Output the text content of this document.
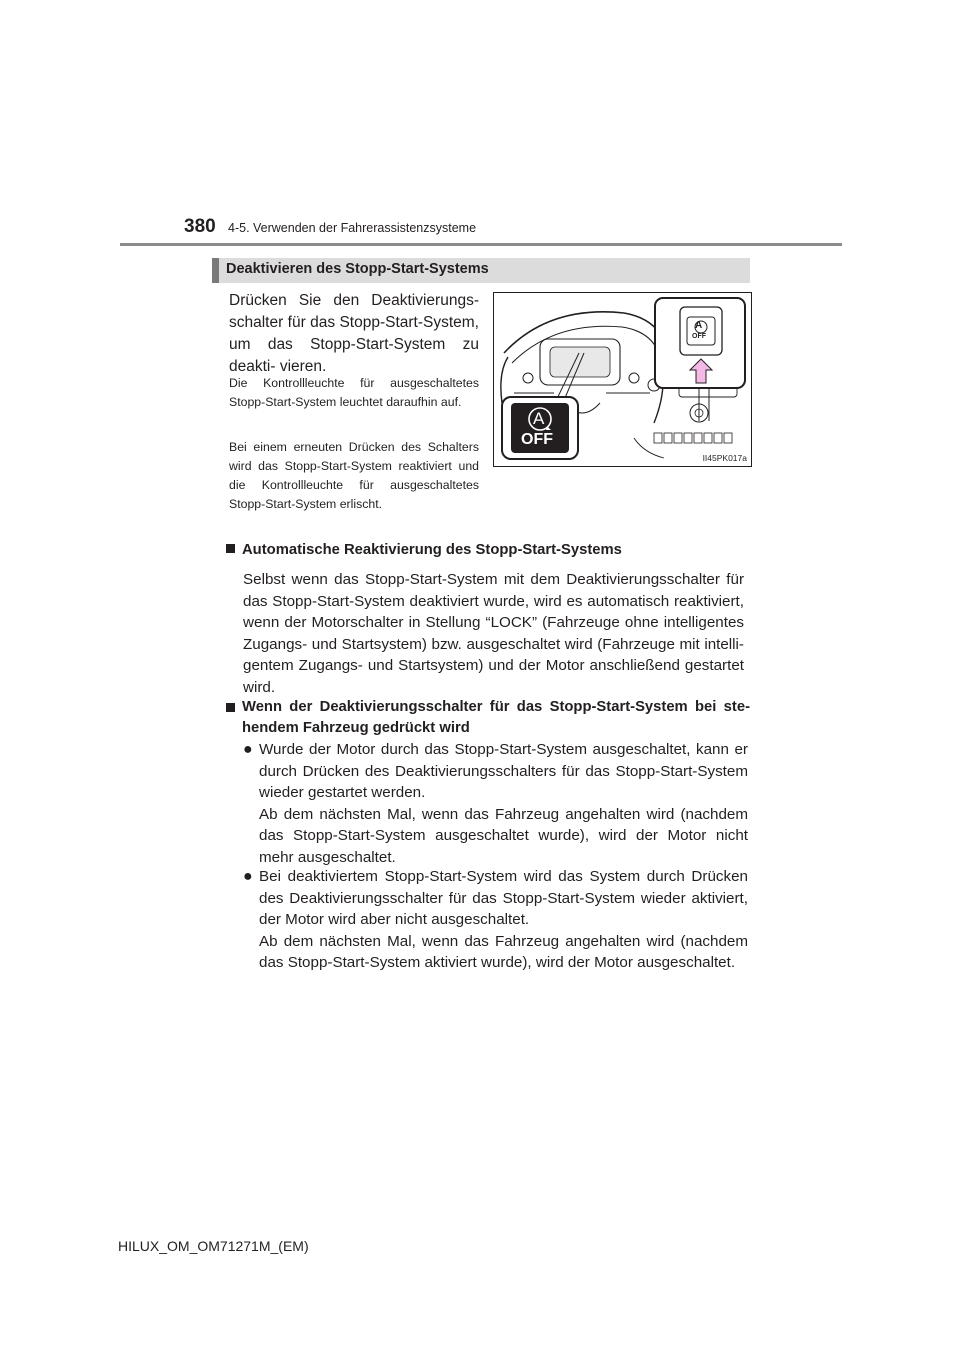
380 4-5. Verwenden der Fahrerassistenzsysteme
Deaktivieren des Stopp-Start-Systems
Drücken Sie den Deaktivierungs- schalter für das Stopp-Start-System, um das Stopp-Start-System zu deakti- vieren.
Die Kontrollleuchte für ausgeschaltetes Stopp-Start-System leuchtet daraufhin auf.
Bei einem erneuten Drücken des Schalters wird das Stopp-Start-System reaktiviert und die Kontrollleuchte für ausgeschaltetes Stopp-Start-System erlischt.
A
OFF
A
OFF
II45PK017a
Automatische Reaktivierung des Stopp-Start-Systems
Selbst wenn das Stopp-Start-System mit dem Deaktivierungsschalter für das Stopp-Start-System deaktiviert wurde, wird es automatisch reaktiviert, wenn der Motorschalter in Stellung “LOCK” (Fahrzeuge ohne intelligentes Zugangs- und Startsystem) bzw. ausgeschaltet wird (Fahrzeuge mit intelli- gentem Zugangs- und Startsystem) und der Motor anschließend gestartet wird.
Wenn der Deaktivierungsschalter für das Stopp-Start-System bei ste- hendem Fahrzeug gedrückt wird
● Wurde der Motor durch das Stopp-Start-System ausgeschaltet, kann er durch Drücken des Deaktivierungsschalters für das Stopp-Start-System wieder gestartet werden.
Ab dem nächsten Mal, wenn das Fahrzeug angehalten wird (nachdem das Stopp-Start-System ausgeschaltet wurde), wird der Motor nicht mehr ausgeschaltet.
● Bei deaktiviertem Stopp-Start-System wird das System durch Drücken des Deaktivierungsschalter für das Stopp-Start-System wieder aktiviert, der Motor wird aber nicht ausgeschaltet.
Ab dem nächsten Mal, wenn das Fahrzeug angehalten wird (nachdem das Stopp-Start-System aktiviert wurde), wird der Motor ausgeschaltet.
HILUX_OM_OM71271M_(EM)
